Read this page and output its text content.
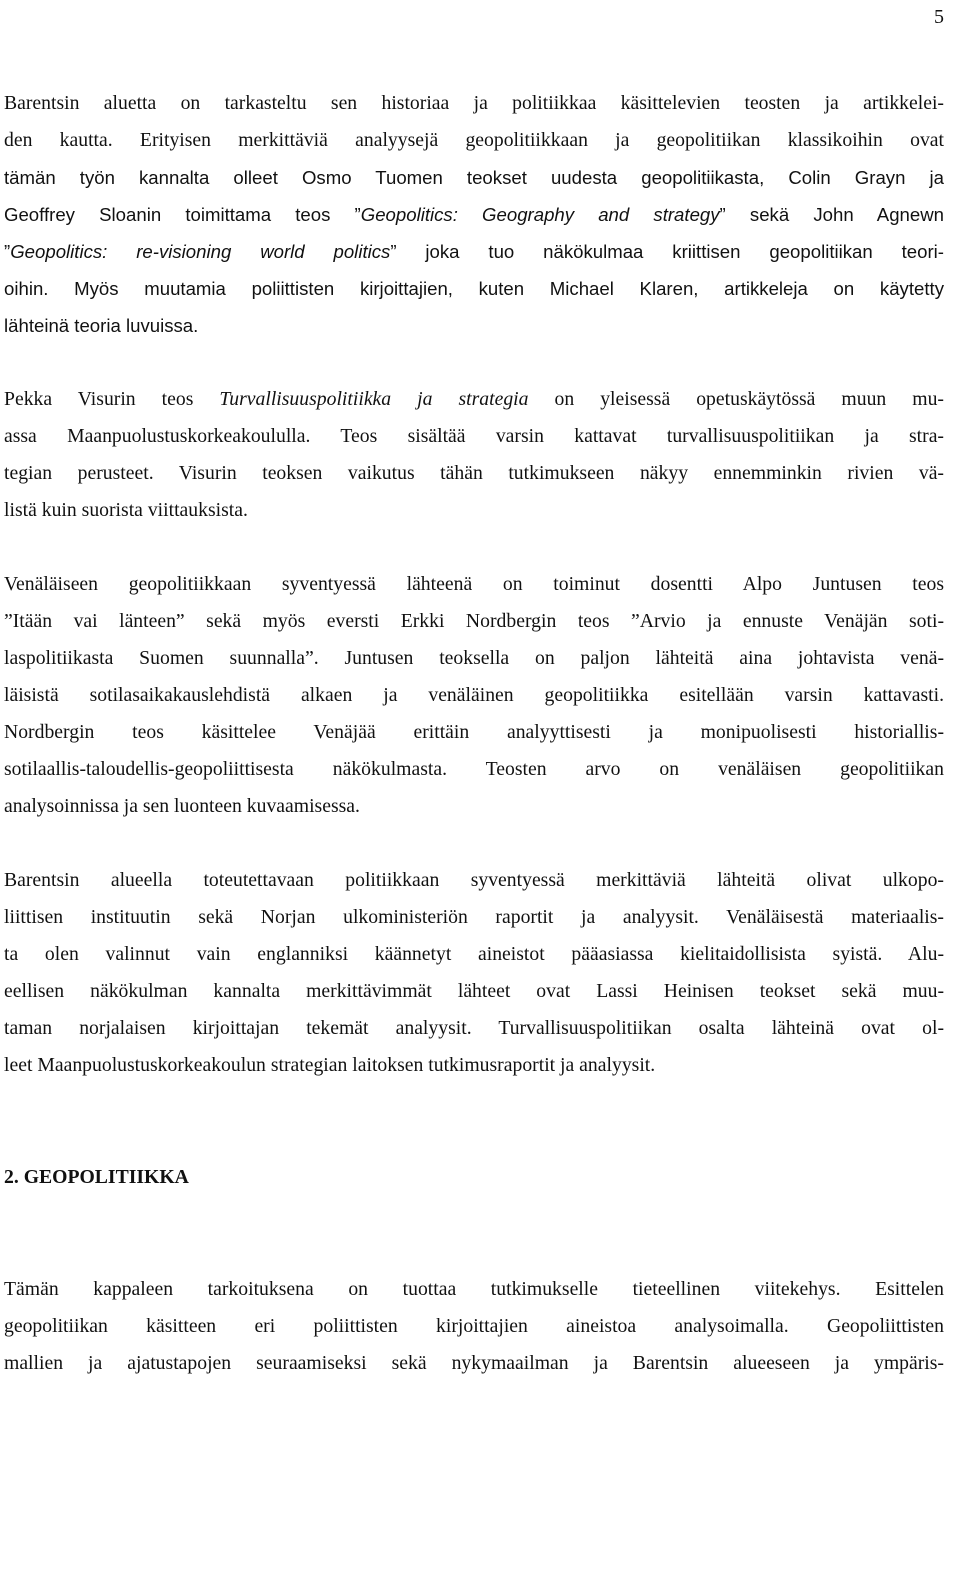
5

Barentsin aluetta on tarkasteltu sen historiaa ja politiikkaa käsittelevien teosten ja artikkelei-
den kautta. Erityisen merkittäviä analyysejä geopolitiikkaan ja geopolitiikan klassikoihin ovat
tämän työn kannalta olleet Osmo Tuomen teokset uudesta geopolitiikasta, Colin Grayn ja
Geoffrey Sloanin toimittama teos ”Geopolitics: Geography and strategy” sekä John Agnewn
”Geopolitics: re-visioning world politics” joka tuo näkökulmaa kriittisen geopolitiikan teori-
oihin. Myös muutamia poliittisten kirjoittajien, kuten Michael Klaren, artikkeleja on käytetty
lähteinä teoria luvuissa.

Pekka Visurin teos Turvallisuuspolitiikka ja strategia on yleisessä opetuskäytössä muun mu-
assa Maanpuolustuskorkeakoululla. Teos sisältää varsin kattavat turvallisuuspolitiikan ja stra-
tegian perusteet. Visurin teoksen vaikutus tähän tutkimukseen näkyy ennemminkin rivien vä-
listä kuin suorista viittauksista.

Venäläiseen geopolitiikkaan syventyessä lähteenä on toiminut dosentti Alpo Juntusen teos
”Itään vai länteen” sekä myös eversti Erkki Nordbergin teos ”Arvio ja ennuste Venäjän soti-
laspolitiikasta Suomen suunnalla”. Juntusen teoksella on paljon lähteitä aina johtavista venä-
läisistä sotilasaikakauslehdistä alkaen ja venäläinen geopolitiikka esitellään varsin kattavasti.
Nordbergin teos käsittelee Venäjää erittäin analyyttisesti ja monipuolisesti historiallis-
sotilaallis-taloudellis-geopoliittisesta näkökulmasta. Teosten arvo on venäläisen geopolitiikan
analysoinnissa ja sen luonteen kuvaamisessa.

Barentsin alueella toteutettavaan politiikkaan syventyessä merkittäviä lähteitä olivat ulkopo-
liittisen instituutin sekä Norjan ulkoministeriön raportit ja analyysit. Venäläisestä materiaalis-
ta olen valinnut vain englanniksi käännetyt aineistot pääasiassa kielitaidollisista syistä. Alu-
eellisen näkökulman kannalta merkittävimmät lähteet ovat Lassi Heinisen teokset sekä muu-
taman norjalaisen kirjoittajan tekemät analyysit. Turvallisuuspolitiikan osalta lähteinä ovat ol-
leet Maanpuolustuskorkeakoulun strategian laitoksen tutkimusraportit ja analyysit.

2. GEOPOLITIIKKA

Tämän kappaleen tarkoituksena on tuottaa tutkimukselle tieteellinen viitekehys. Esittelen
geopolitiikan käsitteen eri poliittisten kirjoittajien aineistoa analysoimalla. Geopoliittisten
mallien ja ajatustapojen seuraamiseksi sekä nykymaailman ja Barentsin alueeseen ja ympäris-
